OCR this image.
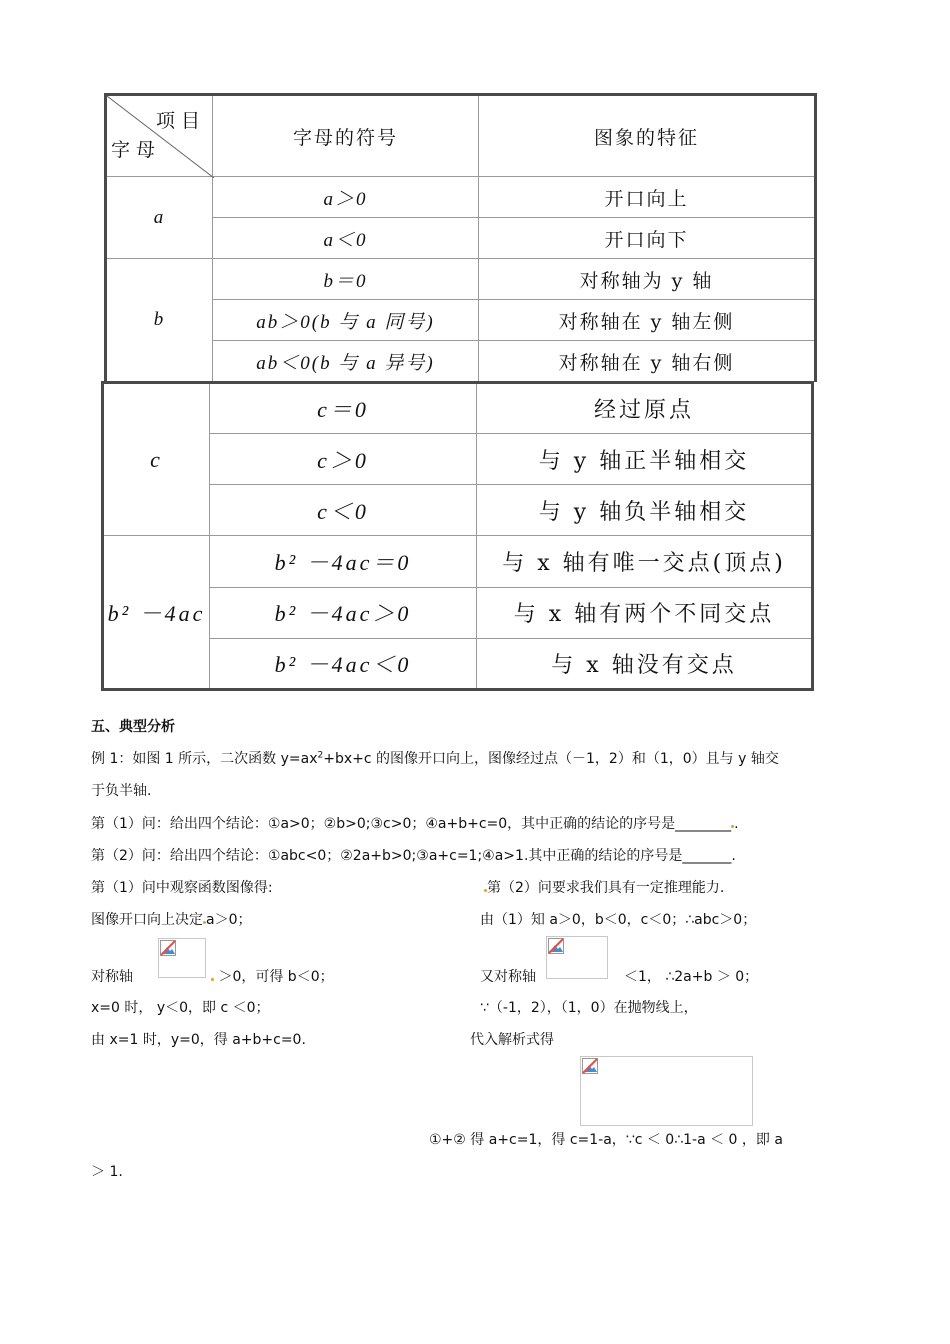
项目
字母	字母的符号	图象的特征
a	a＞0	开口向上
	a＜0	开口向下
b	b＝0	对称轴为 y 轴
	ab＞0(b 与 a 同号)	对称轴在 y 轴左侧
	ab＜0(b 与 a 异号)	对称轴在 y 轴右侧
c	c＝0	经过原点
	c＞0	与 y 轴正半轴相交
	c＜0	与 y 轴负半轴相交
b² －4ac	b² －4ac＝0	与 x 轴有唯一交点(顶点)
	b² －4ac＞0	与 x 轴有两个不同交点
	b² －4ac＜0	与 x 轴没有交点
五、典型分析
例 1：如图 1 所示，二次函数 $y=ax^2+bx+c$ 的图像开口向上，图像经过点（－1，2）和（1，0）且与 y 轴交
于负半轴.
第（1）问：给出四个结论：①a>0；②b>0;③c>0；④a+b+c=0，其中正确的结论的序号是________ .
第（2）问：给出四个结论：①abc<0；②2a+b>0;③a+c=1;④a>1.其中正确的结论的序号是_______.
第（1）问中观察函数图像得:
图像开口向上决定 a＞0；
对称轴	＞0，可得 b＜0；
x=0 时， y＜0，即 c ＜0；
由 x=1 时，y=0，得 a+b+c=0.
第（2）问要求我们具有一定推理能力.
由（1）知 a＞0，b＜0，c＜0；∴abc＞0；
又对称轴	＜1， ∴2a+b ＞ 0；
∵（-1，2），（1，0）在抛物线上，
代入解析式得
①+② 得 a+c=1，得 c=1-a，∵c ＜ 0∴1-a ＜ 0 ，即 a
＞ 1.
